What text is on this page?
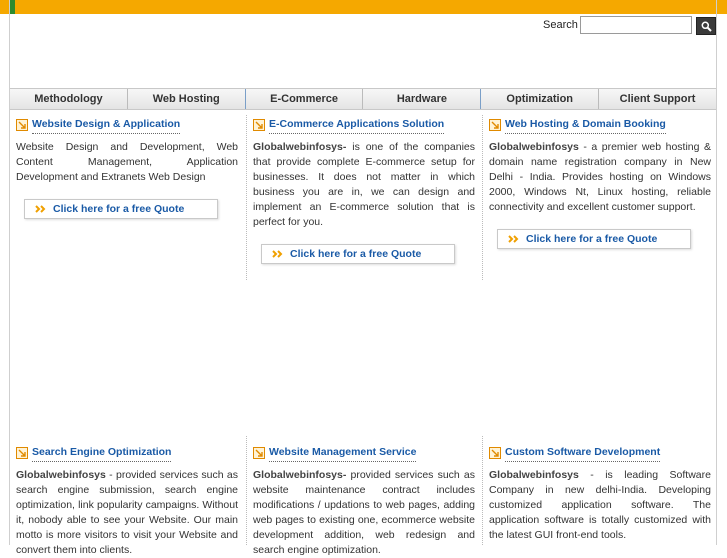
Search
Methodology	Web Hosting	E-Commerce	Hardware	Optimization	Client Support
Website Design & Application
Website Design and Development, Web Content Management, Application Development and Extranets Web Design
Click here for a free Quote
E-Commerce Applications Solution
Globalwebinfosys- is one of the companies that provide complete E-commerce setup for businesses. It does not matter in which business you are in, we can design and implement an E-commerce solution that is perfect for you.
Click here for a free Quote
Web Hosting & Domain Booking
Globalwebinfosys - a premier web hosting & domain name registration company in New Delhi - India. Provides hosting on Windows 2000, Windows Nt, Linux hosting, reliable connectivity and excellent customer support.
Click here for a free Quote
Search Engine Optimization
Globalwebinfosys - provided services such as search engine submission, search engine optimization, link popularity campaigns. Without it, nobody able to see your Website. Our main motto is more visitors to visit your Website and convert them into clients.
Website Management Service
Globalwebinfosys- provided services such as website maintenance contract includes modifications / updations to web pages, adding web pages to existing one, ecommerce website development addition, web redesign and search engine optimization.
Custom Software Development
Globalwebinfosys - is leading Software Company in new delhi-India. Developing customized application software. The application software is totally customized with the latest GUI front-end tools.
